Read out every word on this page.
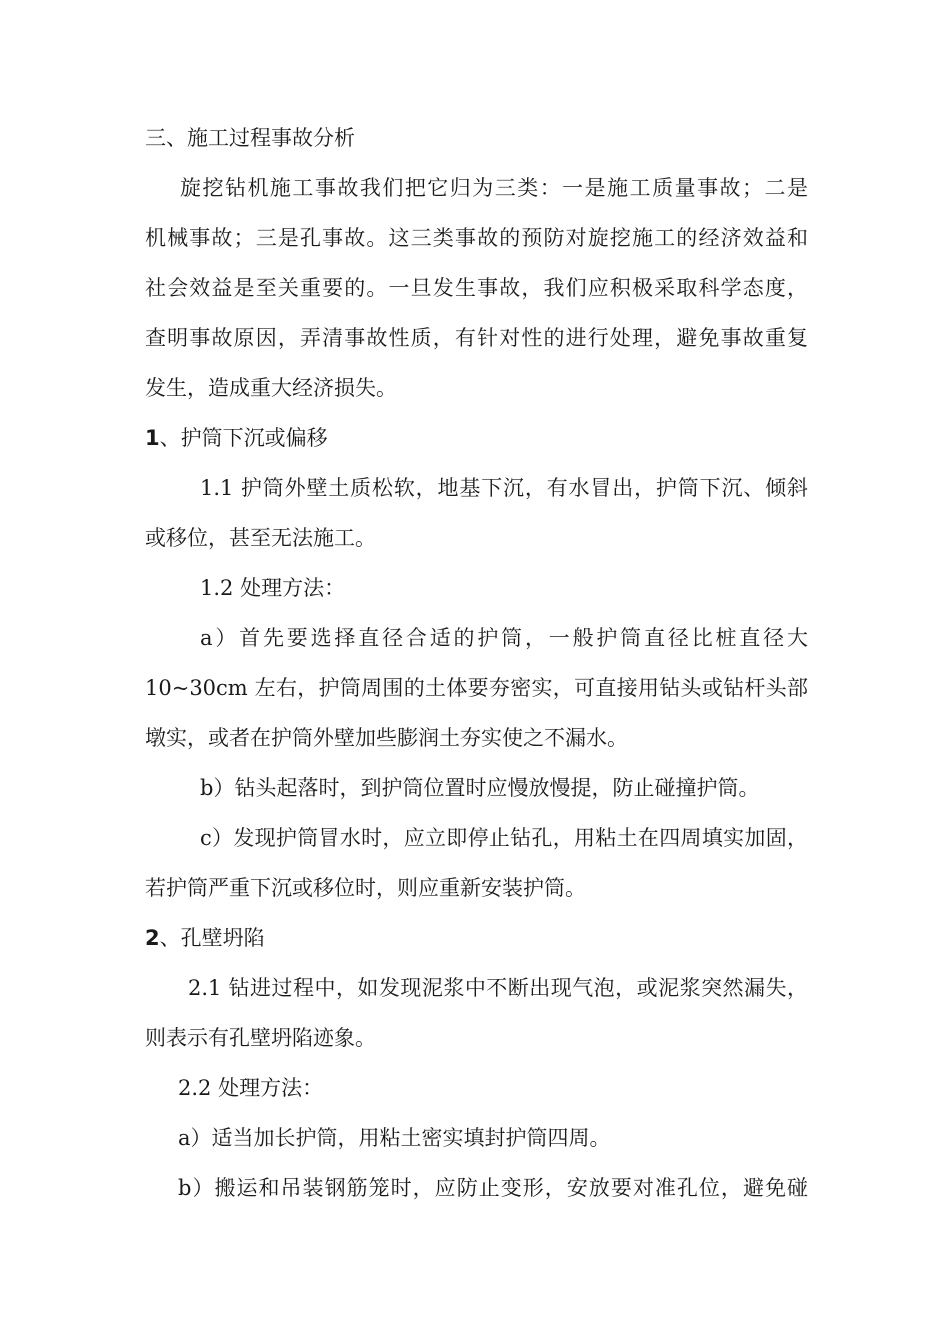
三、施工过程事故分析
旋挖钻机施工事故我们把它归为三类：一是施工质量事故；二是
机械事故；三是孔事故。这三类事故的预防对旋挖施工的经济效益和
社会效益是至关重要的。一旦发生事故，我们应积极采取科学态度，
查明事故原因，弄清事故性质，有针对性的进行处理，避免事故重复
发生，造成重大经济损失。
1、护筒下沉或偏移
1.1 护筒外壁土质松软，地基下沉，有水冒出，护筒下沉、倾斜
或移位，甚至无法施工。
1.2 处理方法：
a）首先要选择直径合适的护筒，一般护筒直径比桩直径大
10~30cm 左右，护筒周围的土体要夯密实，可直接用钻头或钻杆头部
墩实，或者在护筒外壁加些膨润土夯实使之不漏水。
b）钻头起落时，到护筒位置时应慢放慢提，防止碰撞护筒。
c）发现护筒冒水时，应立即停止钻孔，用粘土在四周填实加固，
若护筒严重下沉或移位时，则应重新安装护筒。
2、孔壁坍陷
2.1 钻进过程中，如发现泥浆中不断出现气泡，或泥浆突然漏失，
则表示有孔壁坍陷迹象。
2.2 处理方法：
a）适当加长护筒，用粘土密实填封护筒四周。
b）搬运和吊装钢筋笼时，应防止变形，安放要对准孔位，避免碰
